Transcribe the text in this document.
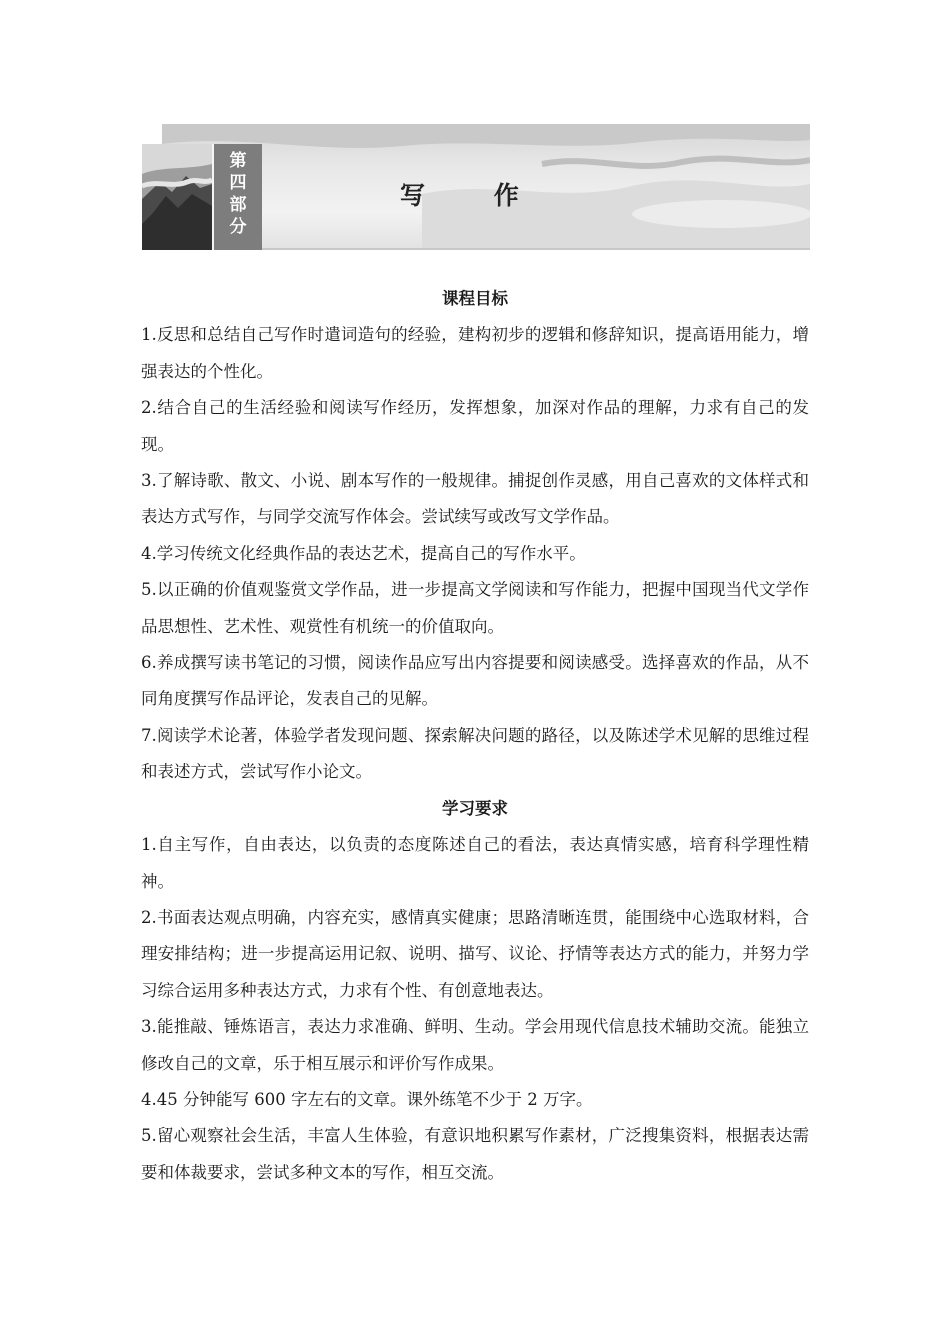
第
四
部
分
写 作
课程目标

1.反思和总结自己写作时遣词造句的经验，建构初步的逻辑和修辞知识，提高语用能力，增强表达的个性化。

2.结合自己的生活经验和阅读写作经历，发挥想象，加深对作品的理解，力求有自己的发现。

3.了解诗歌、散文、小说、剧本写作的一般规律。捕捉创作灵感，用自己喜欢的文体样式和表达方式写作，与同学交流写作体会。尝试续写或改写文学作品。

4.学习传统文化经典作品的表达艺术，提高自己的写作水平。

5.以正确的价值观鉴赏文学作品，进一步提高文学阅读和写作能力，把握中国现当代文学作品思想性、艺术性、观赏性有机统一的价值取向。

6.养成撰写读书笔记的习惯，阅读作品应写出内容提要和阅读感受。选择喜欢的作品，从不同角度撰写作品评论，发表自己的见解。

7.阅读学术论著，体验学者发现问题、探索解决问题的路径，以及陈述学术见解的思维过程和表述方式，尝试写作小论文。

学习要求

1.自主写作，自由表达，以负责的态度陈述自己的看法，表达真情实感，培育科学理性精神。

2.书面表达观点明确，内容充实，感情真实健康；思路清晰连贯，能围绕中心选取材料，合理安排结构；进一步提高运用记叙、说明、描写、议论、抒情等表达方式的能力，并努力学习综合运用多种表达方式，力求有个性、有创意地表达。

3.能推敲、锤炼语言，表达力求准确、鲜明、生动。学会用现代信息技术辅助交流。能独立修改自己的文章，乐于相互展示和评价写作成果。

4.45 分钟能写 600 字左右的文章。课外练笔不少于 2 万字。

5.留心观察社会生活，丰富人生体验，有意识地积累写作素材，广泛搜集资料，根据表达需要和体裁要求，尝试多种文本的写作，相互交流。
